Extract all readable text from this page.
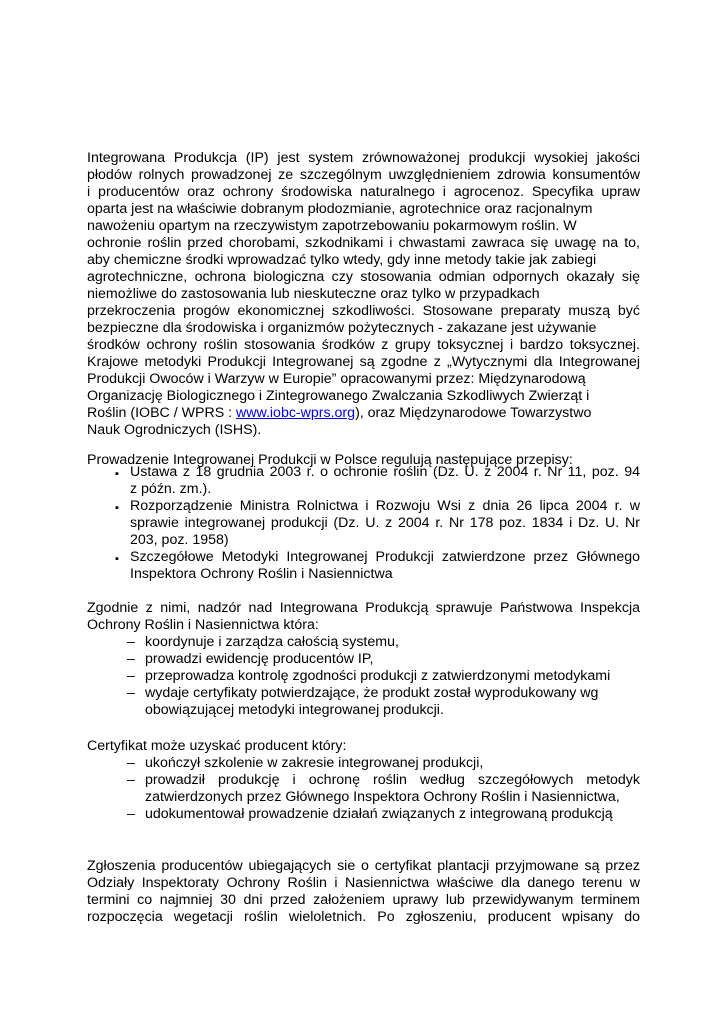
Integrowana Produkcja (IP) jest system zrównoważonej produkcji wysokiej jakości
płodów rolnych prowadzonej ze szczególnym uwzględnieniem zdrowia konsumentów
i producentów oraz ochrony środowiska naturalnego i agrocenoz. Specyfika upraw
oparta jest na właściwie dobranym płodozmianie, agrotechnice oraz racjonalnym
nawożeniu opartym na rzeczywistym zapotrzebowaniu pokarmowym roślin. W
ochronie roślin przed chorobami, szkodnikami i chwastami zawraca się uwagę na to,
aby chemiczne środki wprowadzać tylko wtedy, gdy inne metody takie jak zabiegi
agrotechniczne, ochrona biologiczna czy stosowania odmian odpornych okazały się
niemożliwe do zastosowania lub nieskuteczne oraz tylko w przypadkach
przekroczenia progów ekonomicznej szkodliwości. Stosowane preparaty muszą być
bezpieczne dla środowiska i organizmów pożytecznych - zakazane jest używanie
środków ochrony roślin stosowania środków z grupy toksycznej i bardzo toksycznej.
Krajowe metodyki Produkcji Integrowanej są zgodne z „Wytycznymi dla Integrowanej
Produkcji Owoców i Warzyw w Europie” opracowanymi przez: Międzynarodową
Organizację Biologicznego i Zintegrowanego Zwalczania Szkodliwych Zwierząt i
Roślin (IOBC / WPRS : www.iobc-wprs.org), oraz Międzynarodowe Towarzystwo
Nauk Ogrodniczych (ISHS).
Prowadzenie Integrowanej Produkcji w Polsce regulują następujące przepisy:
▪ Ustawa z 18 grudnia 2003 r. o ochronie roślin (Dz. U. z 2004 r. Nr 11, poz. 94
z późn. zm.).
▪ Rozporządzenie Ministra Rolnictwa i Rozwoju Wsi z dnia 26 lipca 2004 r. w
sprawie integrowanej produkcji (Dz. U. z 2004 r. Nr 178 poz. 1834 i Dz. U. Nr
203, poz. 1958)
▪ Szczegółowe Metodyki Integrowanej Produkcji zatwierdzone przez Głównego
Inspektora Ochrony Roślin i Nasiennictwa
Zgodnie z nimi, nadzór nad Integrowana Produkcją sprawuje Państwowa Inspekcja
Ochrony Roślin i Nasiennictwa która:
– koordynuje i zarządza całością systemu,
– prowadzi ewidencję producentów IP,
– przeprowadza kontrolę zgodności produkcji z zatwierdzonymi metodykami
– wydaje certyfikaty potwierdzające, że produkt został wyprodukowany wg
obowiązującej metodyki integrowanej produkcji.
Certyfikat może uzyskać producent który:
– ukończył szkolenie w zakresie integrowanej produkcji,
– prowadził produkcję i ochronę roślin według szczegółowych metodyk
zatwierdzonych przez Głównego Inspektora Ochrony Roślin i Nasiennictwa,
– udokumentował prowadzenie działań związanych z integrowaną produkcją
Zgłoszenia producentów ubiegających sie o certyfikat plantacji przyjmowane są przez
Odziały Inspektoraty Ochrony Roślin i Nasiennictwa właściwe dla danego terenu w
termini co najmniej 30 dni przed założeniem uprawy lub przewidywanym terminem
rozpoczęcia wegetacji roślin wieloletnich. Po zgłoszeniu, producent wpisany do
